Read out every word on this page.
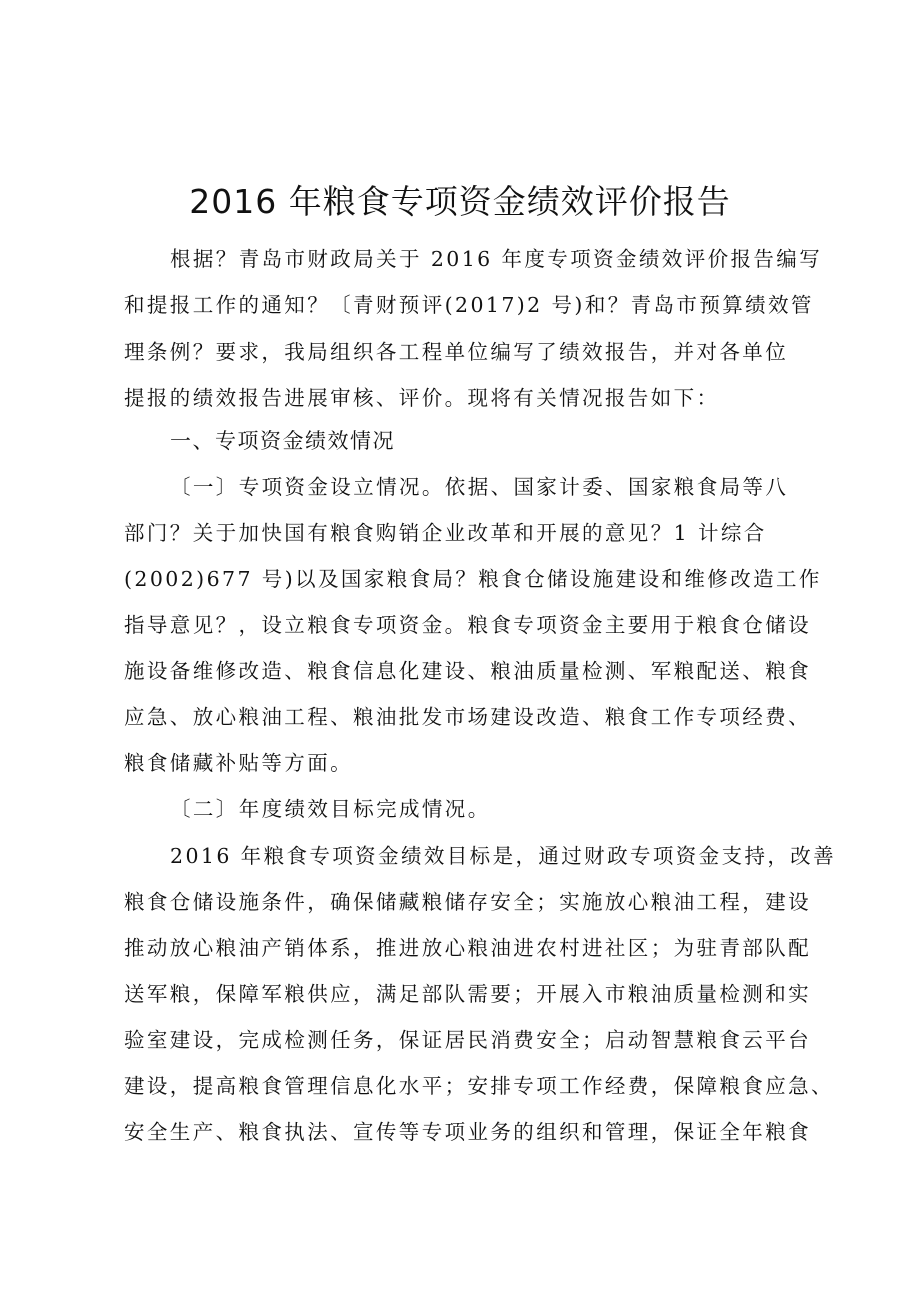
2016 年粮食专项资金绩效评价报告
根据？青岛市财政局关于 2016 年度专项资金绩效评价报告编写
和提报工作的通知？〔青财预评(2017)2 号)和？青岛市预算绩效管
理条例？要求，我局组织各工程单位编写了绩效报告，并对各单位
提报的绩效报告进展审核、评价。现将有关情况报告如下：
一、专项资金绩效情况
〔一〕专项资金设立情况。依据、国家计委、国家粮食局等八
部门？关于加快国有粮食购销企业改革和开展的意见？1 计综合
(2002)677 号)以及国家粮食局？粮食仓储设施建设和维修改造工作
指导意见？，设立粮食专项资金。粮食专项资金主要用于粮食仓储设
施设备维修改造、粮食信息化建设、粮油质量检测、军粮配送、粮食
应急、放心粮油工程、粮油批发市场建设改造、粮食工作专项经费、
粮食储藏补贴等方面。
〔二〕年度绩效目标完成情况。
2016 年粮食专项资金绩效目标是，通过财政专项资金支持，改善
粮食仓储设施条件，确保储藏粮储存安全；实施放心粮油工程，建设
推动放心粮油产销体系，推进放心粮油进农村进社区；为驻青部队配
送军粮，保障军粮供应，满足部队需要；开展入市粮油质量检测和实
验室建设，完成检测任务，保证居民消费安全；启动智慧粮食云平台
建设，提高粮食管理信息化水平；安排专项工作经费，保障粮食应急、
安全生产、粮食执法、宣传等专项业务的组织和管理，保证全年粮食
